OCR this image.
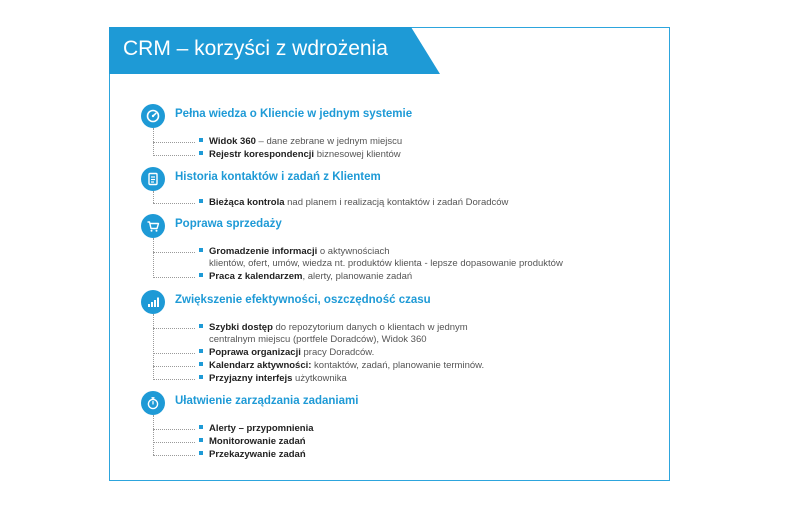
CRM – korzyści z wdrożenia
Pełna wiedza o Kliencie w jednym systemie
Widok 360 – dane zebrane w jednym miejscu
Rejestr korespondencji biznesowej klientów
Historia kontaktów i zadań z Klientem
Bieżąca kontrola nad planem i realizacją kontaktów i zadań Doradców
Poprawa sprzedaży
Gromadzenie informacji o aktywnościach
klientów, ofert, umów, wiedza nt. produktów klienta - lepsze dopasowanie produktów
Praca z kalendarzem, alerty, planowanie zadań
Zwiększenie efektywności, oszczędność czasu
Szybki dostęp do repozytorium danych o klientach w jednym
centralnym miejscu (portfele Doradców), Widok 360
Poprawa organizacji pracy Doradców.
Kalendarz aktywności: kontaktów, zadań, planowanie terminów.
Przyjazny interfejs użytkownika
Ułatwienie zarządzania zadaniami
Alerty – przypomnienia
Monitorowanie zadań
Przekazywanie zadań
